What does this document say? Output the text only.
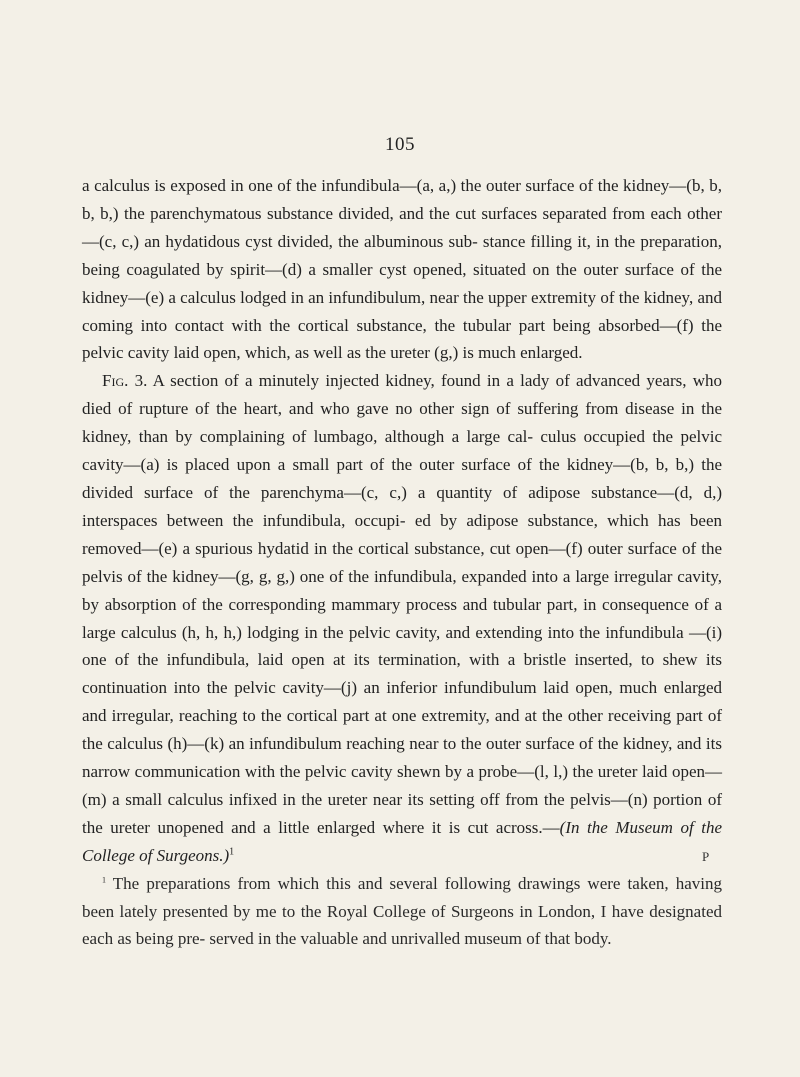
105

a calculus is exposed in one of the infundibula—(a, a,) the outer surface of the kidney—(b, b, b, b,) the parenchymatous substance divided, and the cut surfaces separated from each other—(c, c,) an hydatidous cyst divided, the albuminous sub- stance filling it, in the preparation, being coagulated by spirit—(d) a smaller cyst opened, situated on the outer surface of the kidney—(e) a calculus lodged in an infundibulum, near the upper extremity of the kidney, and coming into contact with the cortical substance, the tubular part being absorbed—(f) the pelvic cavity laid open, which, as well as the ureter (g,) is much enlarged.

Fig. 3. A section of a minutely injected kidney, found in a lady of advanced years, who died of rupture of the heart, and who gave no other sign of suffering from disease in the kidney, than by complaining of lumbago, although a large cal- culus occupied the pelvic cavity—(a) is placed upon a small part of the outer surface of the kidney—(b, b, b,) the divided surface of the parenchyma—(c, c,) a quantity of adipose substance—(d, d,) interspaces between the infundibula, occupi- ed by adipose substance, which has been removed—(e) a spurious hydatid in the cortical substance, cut open—(f) outer surface of the pelvis of the kidney—(g, g, g,) one of the infundibula, expanded into a large irregular cavity, by absorption of the corresponding mammary process and tubular part, in consequence of a large calculus (h, h, h,) lodging in the pelvic cavity, and extending into the infundibula —(i) one of the infundibula, laid open at its termination, with a bristle inserted, to shew its continuation into the pelvic cavity—(j) an inferior infundibulum laid open, much enlarged and irregular, reaching to the cortical part at one extremity, and at the other receiving part of the calculus (h)—(k) an infundibulum reaching near to the outer surface of the kidney, and its narrow communication with the pelvic cavity shewn by a probe—(l, l,) the ureter laid open—(m) a small calculus infixed in the ureter near its setting off from the pelvis—(n) portion of the ureter unopened and a little enlarged where it is cut across.—(In the Museum of the College of Surgeons.)$^1$

$^1$ The preparations from which this and several following drawings were taken, having been lately presented by me to the Royal College of Surgeons in London, I have designated each as being pre- served in the valuable and unrivalled museum of that body.

P
